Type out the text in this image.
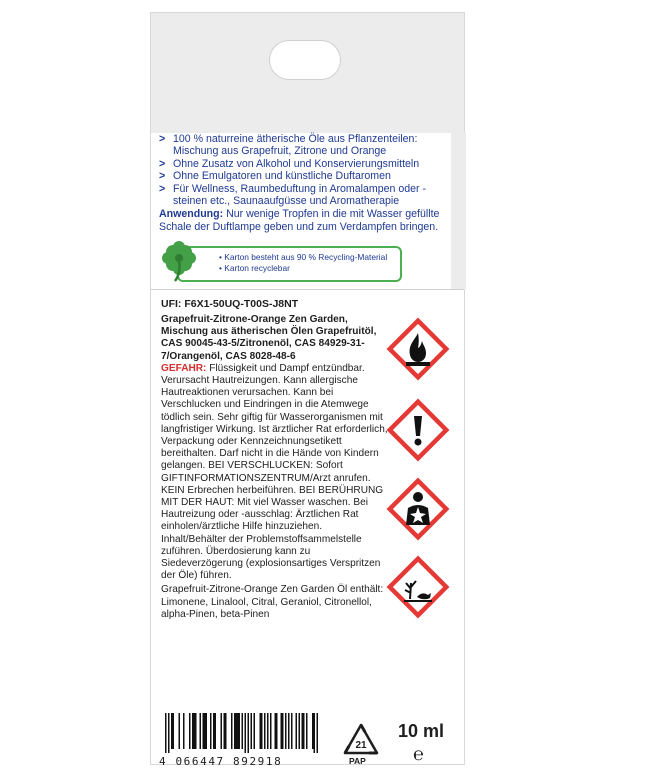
> 100 % naturreine ätherische Öle aus Pflanzenteilen: Mischung aus Grapefruit, Zitrone und Orange
> Ohne Zusatz von Alkohol und Konservierungsmitteln
> Ohne Emulgatoren und künstliche Duftaromen
> Für Wellness, Raumbeduftung in Aromalampen oder -steinen etc., Saunaaufgüsse und Aromatherapie
Anwendung: Nur wenige Tropfen in die mit Wasser gefüllte Schale der Duftlampe geben und zum Verdampfen bringen.
• Karton besteht aus 90 % Recycling-Material
• Karton recyclebar
UFI: F6X1-50UQ-T00S-J8NT
Grapefruit-Zitrone-Orange Zen Garden, Mischung aus ätherischen Ölen Grapefruitöl, CAS 90045-43-5/Zitronenöl, CAS 84929-31-7/Orangenöl, CAS 8028-48-6
GEFAHR: Flüssigkeit und Dampf entzündbar. Verursacht Hautreizungen. Kann allergische Hautreaktionen verursachen. Kann bei Verschlucken und Eindringen in die Atemwege tödlich sein. Sehr giftig für Wasserorganismen mit langfristiger Wirkung. Ist ärztlicher Rat erforderlich, Verpackung oder Kennzeichnungsetikett bereithalten. Darf nicht in die Hände von Kindern gelangen. BEI VERSCHLUCKEN: Sofort GIFTINFORMATIONSZENTRUM/Arzt anrufen. KEIN Erbrechen herbeiführen. BEI BERÜHRUNG MIT DER HAUT: Mit viel Wasser waschen. Bei Hautreizung oder -ausschlag: Ärztlichen Rat einholen/ärztliche Hilfe hinzuziehen. Inhalt/Behälter der Problemstoffsammelstelle zuführen. Überdosierung kann zu Siedeverzögerung (explosionsartiges Verspritzen der Öle) führen.
Grapefruit-Zitrone-Orange Zen Garden Öl enthält: Limonene, Linalool, Citral, Geraniol, Citronellol, alpha-Pinen, beta-Pinen
4 066447 892918
21
PAP
10 ml
℮
